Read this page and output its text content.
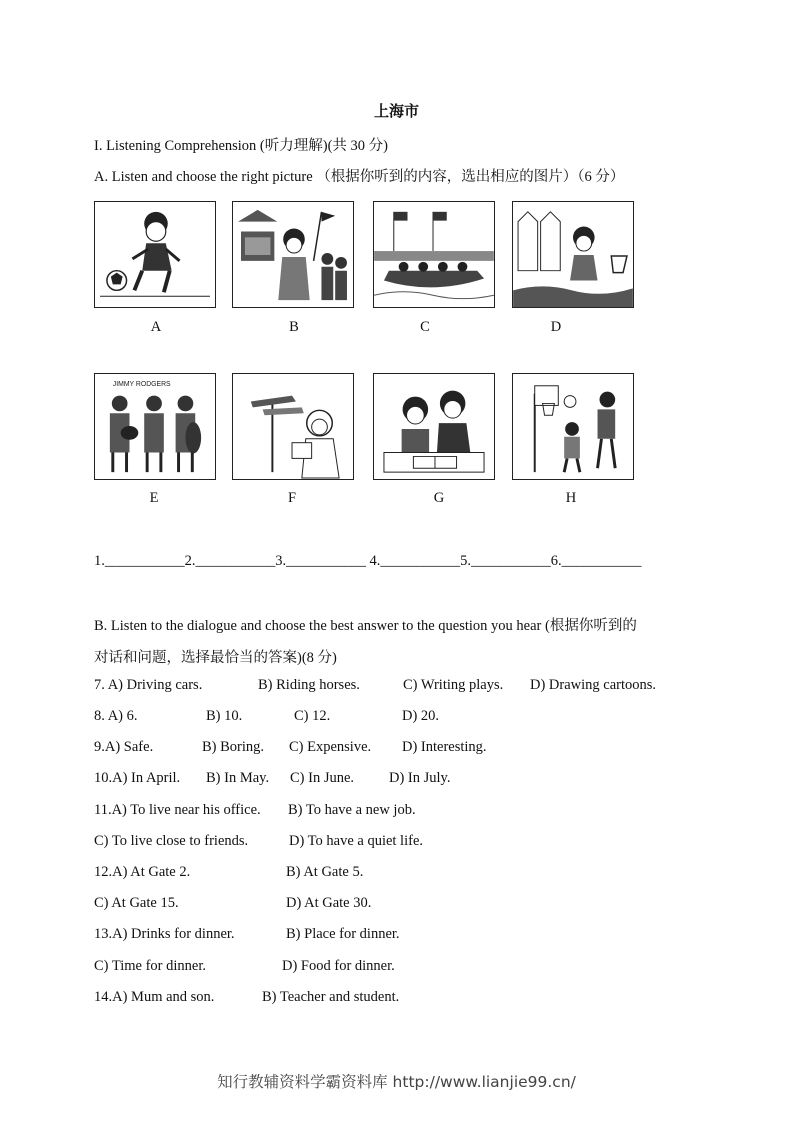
上海市
I. Listening Comprehension (听力理解)(共 30 分)
A. Listen and choose the right picture （根据你听到的内容，选出相应的图片）（6 分）
A	B	C	D
JIMMY RODGERS
E	F	G	H
1.___________2.___________3.___________ 4.___________5.___________6.___________
B. Listen to the dialogue and choose the best answer to the question you hear (根据你听到的
对话和问题，选择最恰当的答案)(8 分)
7. A) Driving cars.	B) Riding horses.	C) Writing plays. D) Drawing cartoons.
8. A) 6.	B) 10.	C) 12.	D) 20.
9.A) Safe.	B) Boring. C) Expensive. D) Interesting.
10.A) In April. B) In May. C) In June. D) In July.
11.A) To live near his office. B) To have a new job.
C) To live close to friends.	D) To have a quiet life.
12.A) At Gate 2.	B) At Gate 5.
C) At Gate 15.	D) At Gate 30.
13.A) Drinks for dinner.	B) Place for dinner.
C) Time for dinner.	D) Food for dinner.
14.A) Mum and son.	B) Teacher and student.
知行教辅资料学霸资料库 http://www.lianjie99.cn/
